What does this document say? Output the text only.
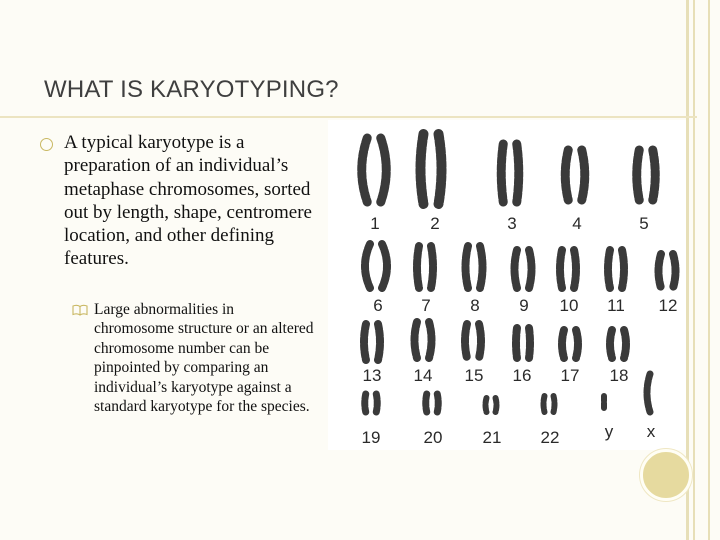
WHAT IS KARYOTYPING?

A typical karyotype is a preparation of an individual’s metaphase chromosomes, sorted out by length, shape, centromere location, and other defining features.

Large abnormalities in chromosome structure or an altered chromosome number can be pinpointed by comparing an individual’s karyotype against a standard karyotype for the species.

1	2	3	4	5
6 7 8 9 10 11 12
13 14 15 16 17 18
19	20 21 22	y x
